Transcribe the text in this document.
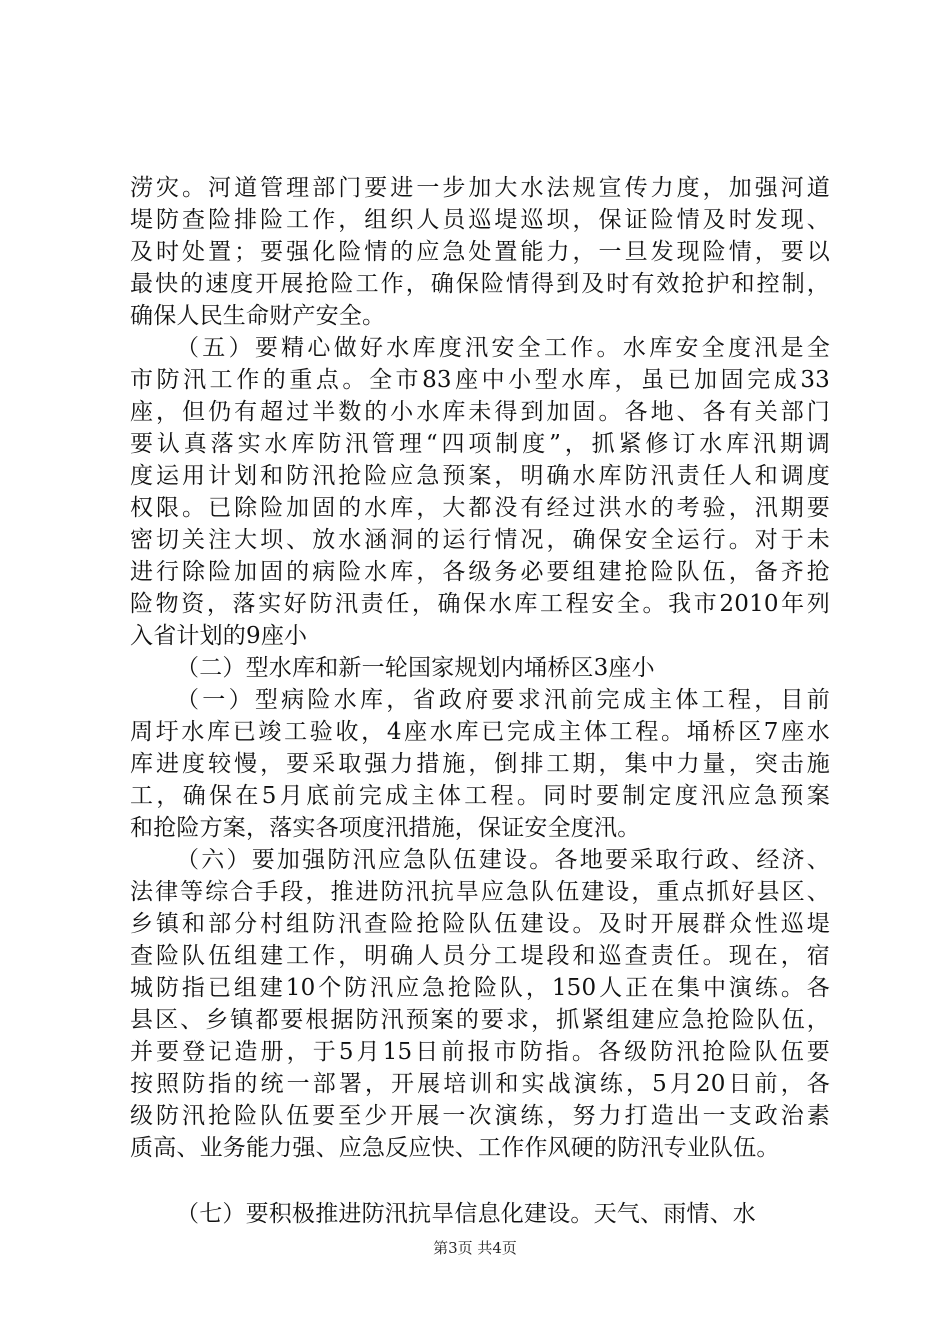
涝灾。河道管理部门要进一步加大水法规宣传力度，加强河道
堤防查险排险工作，组织人员巡堤巡坝，保证险情及时发现、
及时处置；要强化险情的应急处置能力，一旦发现险情，要以
最快的速度开展抢险工作，确保险情得到及时有效抢护和控制，
确保人民生命财产安全。
（五）要精心做好水库度汛安全工作。水库安全度汛是全
市防汛工作的重点。全市83座中小型水库，虽已加固完成33
座，但仍有超过半数的小水库未得到加固。各地、各有关部门
要认真落实水库防汛管理“四项制度”，抓紧修订水库汛期调
度运用计划和防汛抢险应急预案，明确水库防汛责任人和调度
权限。已除险加固的水库，大都没有经过洪水的考验，汛期要
密切关注大坝、放水涵洞的运行情况，确保安全运行。对于未
进行除险加固的病险水库，各级务必要组建抢险队伍，备齐抢
险物资，落实好防汛责任，确保水库工程安全。我市2010年列
入省计划的9座小
（二）型水库和新一轮国家规划内埇桥区3座小
（一）型病险水库，省政府要求汛前完成主体工程，目前
周圩水库已竣工验收，4座水库已完成主体工程。埇桥区7座水
库进度较慢，要采取强力措施，倒排工期，集中力量，突击施
工，确保在5月底前完成主体工程。同时要制定度汛应急预案
和抢险方案，落实各项度汛措施，保证安全度汛。
（六）要加强防汛应急队伍建设。各地要采取行政、经济、
法律等综合手段，推进防汛抗旱应急队伍建设，重点抓好县区、
乡镇和部分村组防汛查险抢险队伍建设。及时开展群众性巡堤
查险队伍组建工作，明确人员分工堤段和巡查责任。现在，宿
城防指已组建10个防汛应急抢险队，150人正在集中演练。各
县区、乡镇都要根据防汛预案的要求，抓紧组建应急抢险队伍，
并要登记造册，于5月15日前报市防指。各级防汛抢险队伍要
按照防指的统一部署，开展培训和实战演练，5月20日前，各
级防汛抢险队伍要至少开展一次演练，努力打造出一支政治素
质高、业务能力强、应急反应快、工作作风硬的防汛专业队伍。
（七）要积极推进防汛抗旱信息化建设。天气、雨情、水
第3页 共4页
